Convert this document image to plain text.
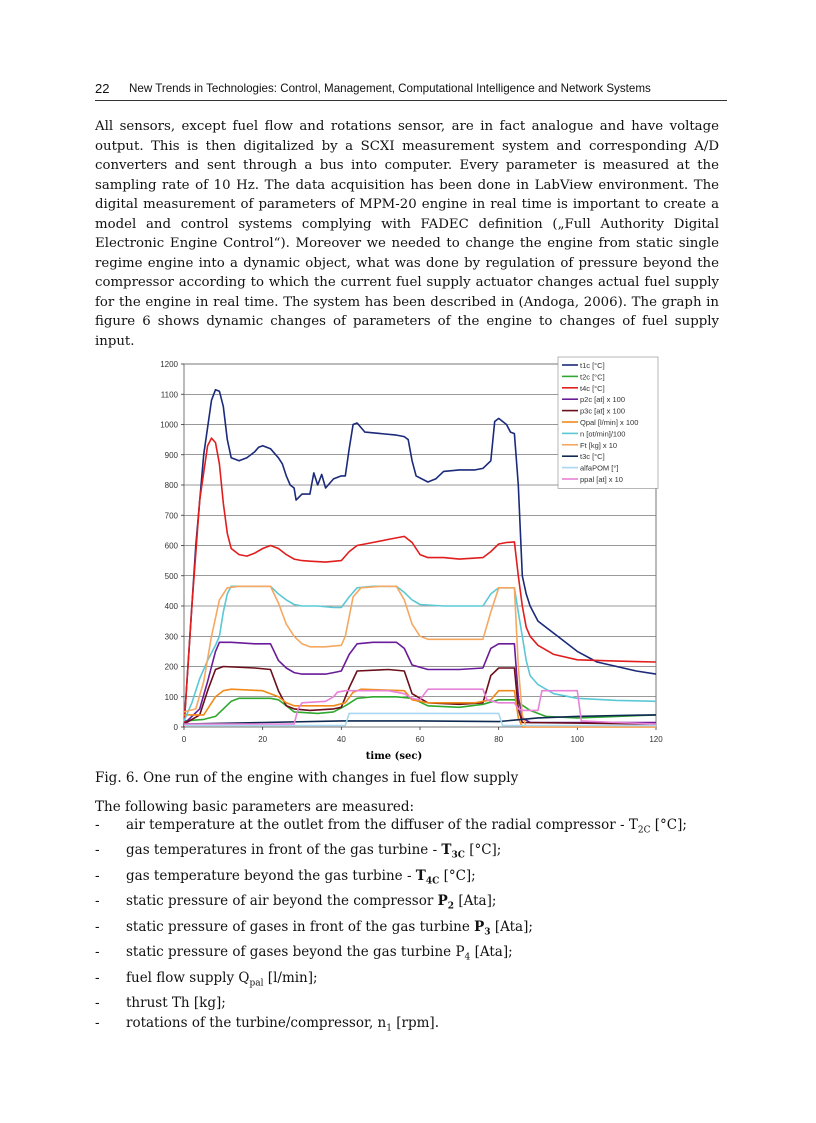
22 New Trends in Technologies: Control, Management, Computational Intelligence and Network Systems
All sensors, except fuel flow and rotations sensor, are in fact analogue and have voltage
output. This is then digitalized by a SCXI measurement system and corresponding A/D
converters and sent through a bus into computer. Every parameter is measured at the
sampling rate of 10 Hz. The data acquisition has been done in LabView environment. The
digital measurement of parameters of MPM-20 engine in real time is important to create a
model and control systems complying with FADEC definition („Full Authority Digital
Electronic Engine Control“). Moreover we needed to change the engine from static single
regime engine into a dynamic object, what was done by regulation of pressure beyond the
compressor according to which the current fuel supply actuator changes actual fuel supply
for the engine in real time. The system has been described in (Andoga, 2006). The graph in
figure 6 shows dynamic changes of parameters of the engine to changes of fuel supply
input.
0
100
200
300
400
500
600
700
800
900
1000
1100
1200
0	20	40	60	80	100	120
t1c [°C]
t2c [°C]
t4c [°C]
p2c [at] x 100
p3c [at] x 100
Qpal [l/min] x 100
n [ot/min]/100
Ft [kg] x 10
t3c [°C]
alfaPOM [°]
ppal [at] x 10
time (sec)
Fig. 6. One run of the engine with changes in fuel flow supply
The following basic parameters are measured:
- air temperature at the outlet from the diffuser of the radial compressor - $T_{2C}$ [°C];
- gas temperatures in front of the gas turbine - $T_{3C}$ [°C];
- gas temperature beyond the gas turbine - $T_{4C}$ [°C];
- static pressure of air beyond the compressor $P_2$ [Ata];
- static pressure of gases in front of the gas turbine $P_3$ [Ata];
- static pressure of gases beyond the gas turbine $P_4$ [Ata];
- fuel flow supply $Q_{pal}$ [l/min];
- thrust Th [kg];
- rotations of the turbine/compressor, $n_1$ [rpm].
